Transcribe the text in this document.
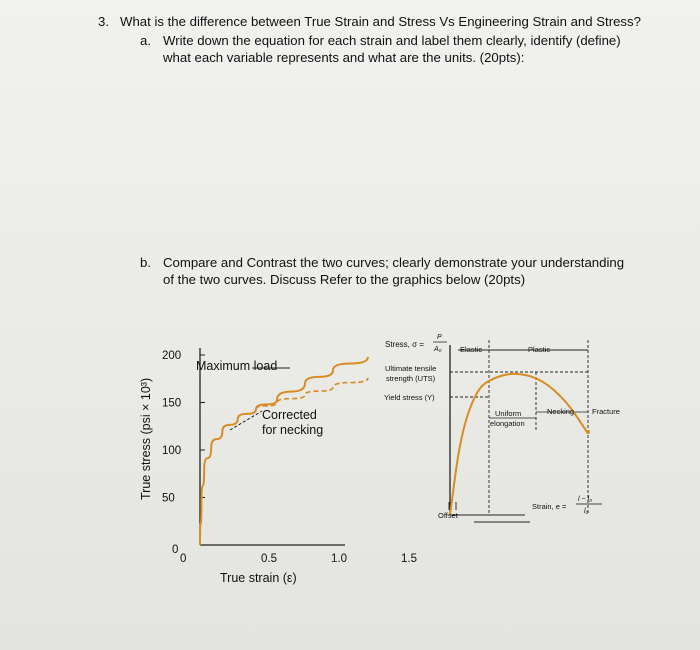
3. What is the difference between True Strain and Stress Vs Engineering Strain and Stress?
a. Write down the equation for each strain and label them clearly, identify (define)
what each variable represents and what are the units. (20pts):
b. Compare and Contrast the two curves; clearly demonstrate your understanding
of the two curves. Discuss Refer to the graphics below (20pts)
0
50
100
150
200
0	0.5	1.0	1.5
Maximum load
Corrected
for necking
True strain (ε)
True stress (psi × 10³)
Stress, σ =
P
A₀ Elastic	Plastic
Ultimate tensile
strength (UTS)
Yield stress (Y)
Uniform
elongation
Necking Fracture
Strain, e =
l − l₀
l₀
Offset
